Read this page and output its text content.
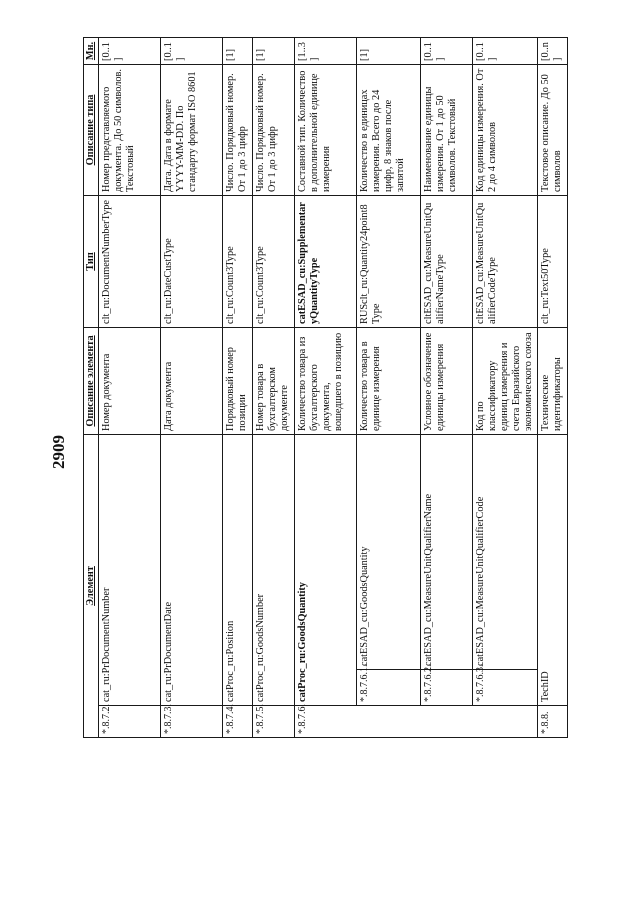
2909
Элемент			Описание элемента	Тип	Описание типа	Мн.
*.8.7.2.	cat_ru:PrDocumentNumber		Номер документа	clt_ru:DocumentNumberType	Номер представляемого документа. До 50 символов. Текстовый	[0..1]
*.8.7.3.	cat_ru:PrDocumentDate		Дата документа	clt_ru:DateCustType	Дата. Дата в формате YYYY-MM-DD. По стандарту формат ISO 8601	[0..1]
*.8.7.4.	catProc_ru:Position		Порядковый номер позиции	clt_ru:Count3Type	Число. Порядковый номер. От 1 до 3 цифр	[1]
*.8.7.5.	catProc_ru:GoodsNumber		Номер товара в бухгалтерском документе	clt_ru:Count3Type	Число. Порядковый номер. От 1 до 3 цифр	[1]
*.8.7.6.	catProc_ru:GoodsQuantity		Количество товара из бухгалтерского документа, вошедшего в позицию	catESAD_cu:SupplementaryQuantityType	Составной тип. Количество в дополнительной единице измерения	[1..3]
	*.8.7.6.1.	catESAD_cu:GoodsQuantity	Количество товара в единице измерения	RUSclt_ru:Quantity24point8Type	Количество в единицах измерения. Всего до 24 цифр, 8 знаков после запятой	[1]
	*.8.7.6.2.	catESAD_cu:MeasureUnitQualifierName	Условное обозначение единицы измерения	cltESAD_cu:MeasureUnitQualifierNameType	Наименование единицы измерения. От 1 до 50 символов. Текстовый	[0..1]
	*.8.7.6.3.	catESAD_cu:MeasureUnitQualifierCode	Код по классификатору единиц измерения и счета Евразийского экономического союза	cltESAD_cu:MeasureUnitQualifierCodeType	Код единицы измерения. От 2 до 4 символов	[0..1]
*.8.8.	TechID		Технические идентификаторы	clt_ru:Text50Type	Текстовое описание. До 50 символов	[0..n]
